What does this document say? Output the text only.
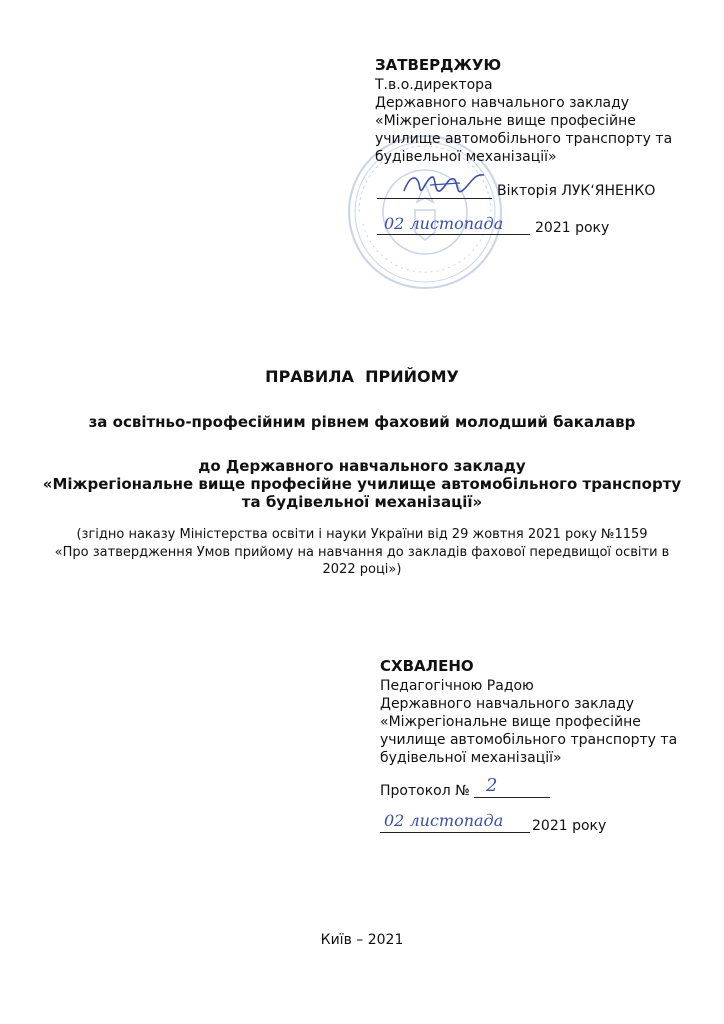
ЗАТВЕРДЖУЮ
Т.в.о.директора
Державного навчального закладу
«Міжрегіональне вище професійне
училище автомобільного транспорту та
будівельної механізації»
Вікторія ЛУК‘ЯНЕНКО
02 листопада 2021 року
ПРАВИЛА  ПРИЙОМУ
за освітньо-професійним рівнем фаховий молодший бакалавр
до Державного навчального закладу
«Міжрегіональне вище професійне училище автомобільного транспорту
та будівельної механізації»
(згідно наказу Міністерства освіти і науки України від 29 жовтня 2021 року №1159
«Про затвердження Умов прийому на навчання до закладів фахової передвищої освіти в
2022 році»)
СХВАЛЕНО
Педагогічною Радою
Державного навчального закладу
«Міжрегіональне вище професійне
училище автомобільного транспорту та
будівельної механізації»
Протокол № 2
02 листопада 2021 року
Київ – 2021
